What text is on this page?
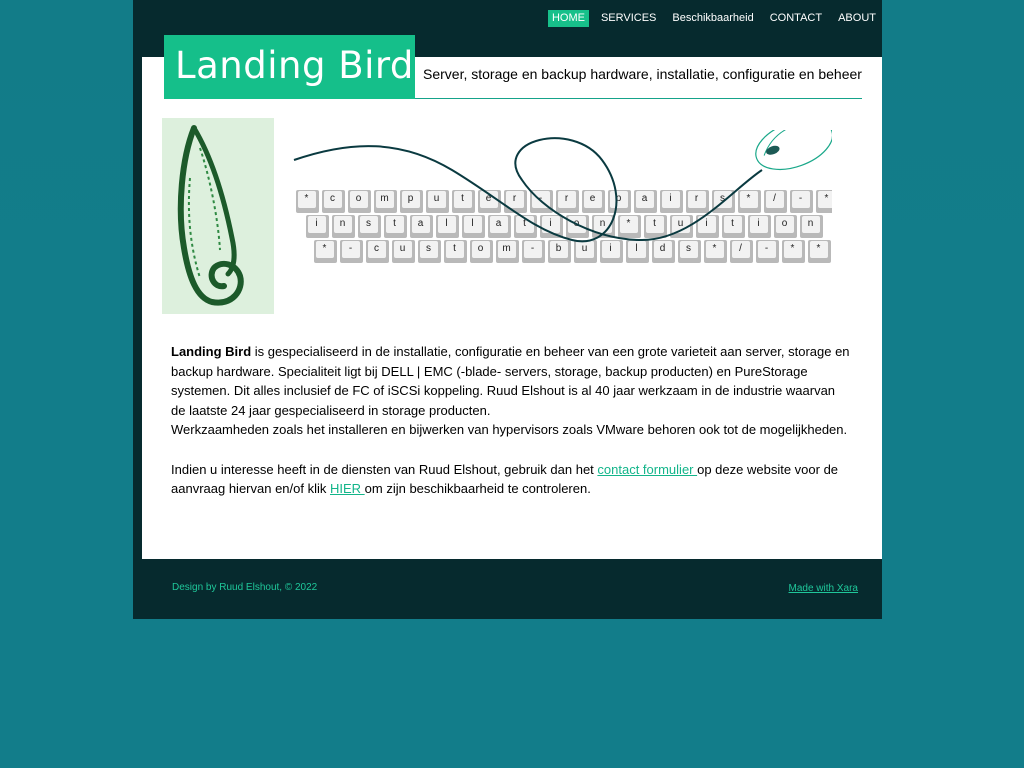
HOME	SERVICES	Beschikbaarheid	CONTACT	ABOUT
Landing Bird Server, storage en backup hardware, installatie, configuratie en beheer
* c o m p u t e r - r e p a i r s * / - *
i n s t a l l a t i o n * t u i t i o n
* - c u s t o m - b u i l d s * / - * *

Landing Bird is gespecialiseerd in de installatie, configuratie en beheer van een grote varieteit aan server, storage en backup hardware. Specialiteit ligt bij DELL | EMC (-blade- servers, storage, backup producten) en PureStorage systemen. Dit alles inclusief de FC of iSCSi koppeling. Ruud Elshout is al 40 jaar werkzaam in de industrie waarvan de laatste 24 jaar gespecialiseerd in storage producten.
Werkzaamheden zoals het installeren en bijwerken van hypervisors zoals VMware behoren ook tot de mogelijkheden.

Indien u interesse heeft in de diensten van Ruud Elshout, gebruik dan het contact formulier op deze website voor de aanvraag hiervan en/of klik HIER om zijn beschikbaarheid te controleren.

Design by Ruud Elshout, © 2022	Made with Xara
